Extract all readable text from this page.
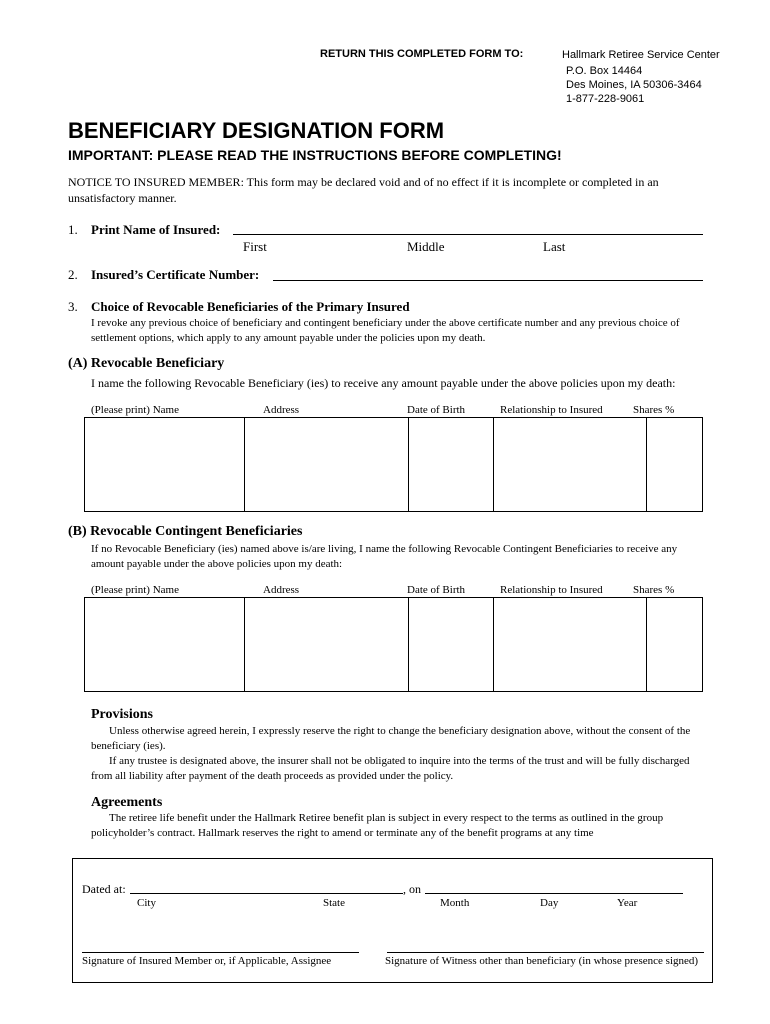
RETURN THIS COMPLETED FORM TO:	Hallmark Retiree Service Center
P.O. Box 14464
Des Moines, IA 50306-3464
1-877-228-9061
BENEFICIARY DESIGNATION FORM
IMPORTANT: PLEASE READ THE INSTRUCTIONS BEFORE COMPLETING!
NOTICE TO INSURED MEMBER: This form may be declared void and of no effect if it is incomplete or completed in an unsatisfactory manner.
1. Print Name of Insured:
First	Middle	Last
2. Insured’s Certificate Number:
3. Choice of Revocable Beneficiaries of the Primary Insured
I revoke any previous choice of beneficiary and contingent beneficiary under the above certificate number and any previous choice of settlement options, which apply to any amount payable under the policies upon my death.
(A) Revocable Beneficiary
I name the following Revocable Beneficiary (ies) to receive any amount payable under the above policies upon my death:
(Please print) Name	Address	Date of Birth	Relationship to Insured	Shares %

(B) Revocable Contingent Beneficiaries
If no Revocable Beneficiary (ies) named above is/are living, I name the following Revocable Contingent Beneficiaries to receive any amount payable under the above policies upon my death:
(Please print) Name	Address	Date of Birth	Relationship to Insured	Shares %

Provisions
Unless otherwise agreed herein, I expressly reserve the right to change the beneficiary designation above, without the consent of the beneficiary (ies).
If any trustee is designated above, the insurer shall not be obligated to inquire into the terms of the trust and will be fully discharged from all liability after payment of the death proceeds as provided under the policy.
Agreements
The retiree life benefit under the Hallmark Retiree benefit plan is subject in every respect to the terms as outlined in the group policyholder’s contract. Hallmark reserves the right to amend or terminate any of the benefit programs at any time
Dated at:	, on
City	State	Month	Day	Year
Signature of Insured Member or, if Applicable, Assignee	Signature of Witness other than beneficiary (in whose presence signed)
